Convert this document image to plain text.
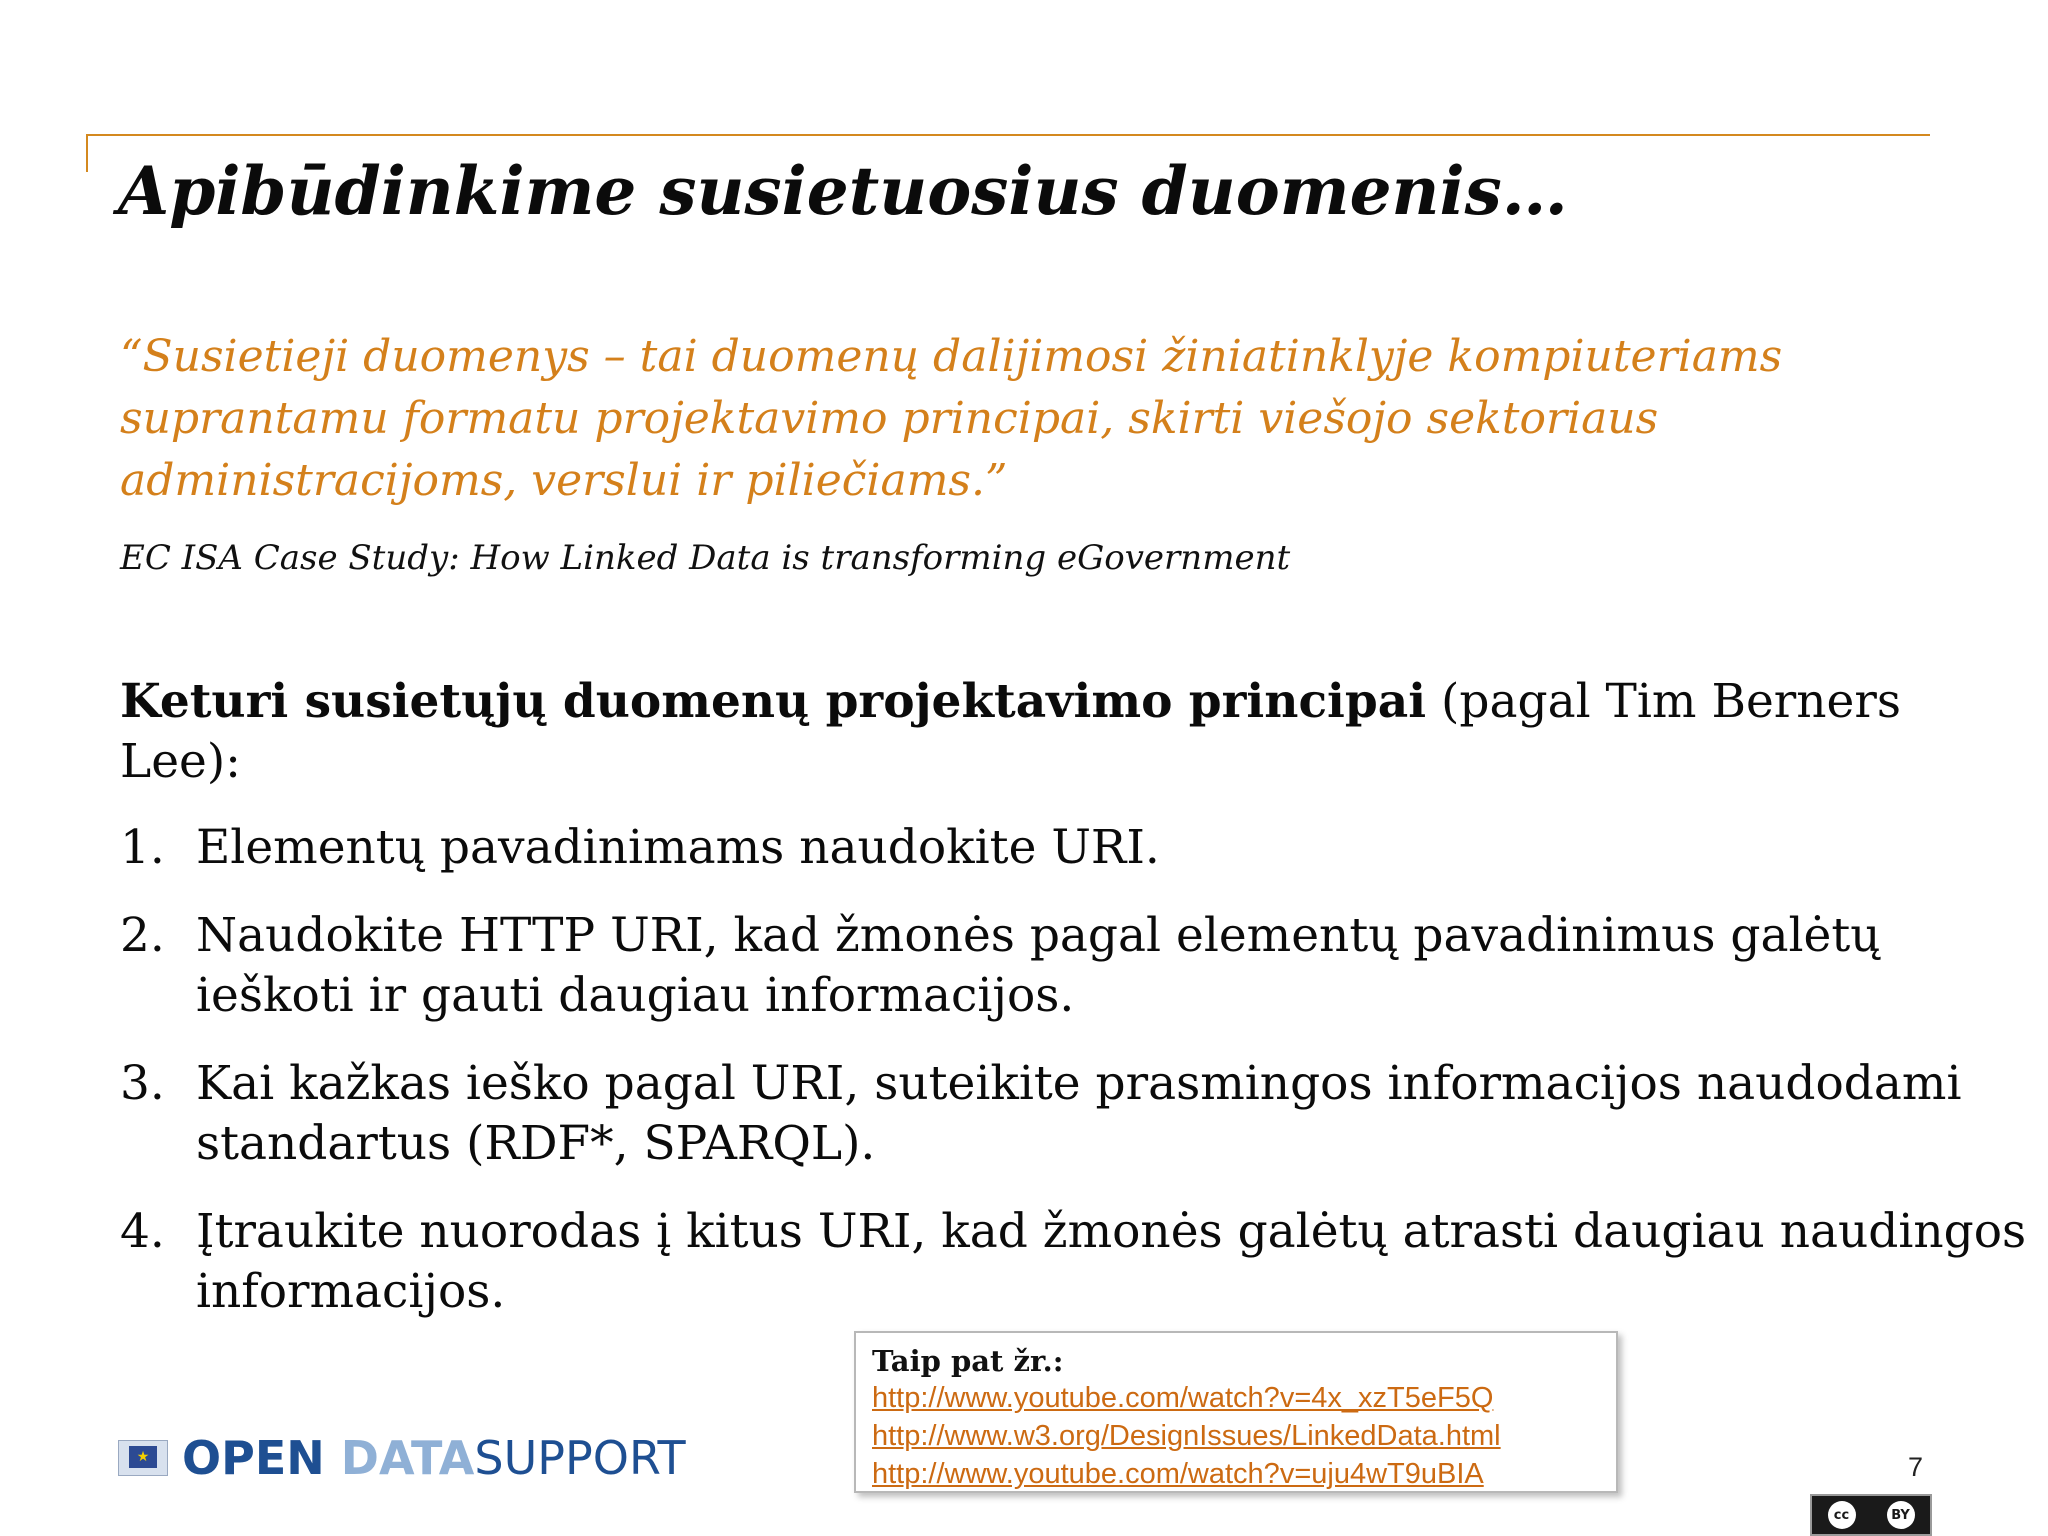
Apibūdinkime susietuosius duomenis…
“Susietieji duomenys – tai duomenų dalijimosi žiniatinklyje kompiuteriams
suprantamu formatu projektavimo principai, skirti viešojo sektoriaus
administracijoms, verslui ir piliečiams.”
EC ISA Case Study: How Linked Data is transforming eGovernment
Keturi susietųjų duomenų projektavimo principai (pagal Tim Berners
Lee):
1. Elementų pavadinimams naudokite URI.
2. Naudokite HTTP URI, kad žmonės pagal elementų pavadinimus galėtų
ieškoti ir gauti daugiau informacijos.
3. Kai kažkas ieško pagal URI, suteikite prasmingos informacijos naudodami
standartus (RDF*, SPARQL).
4. Įtraukite nuorodas į kitus URI, kad žmonės galėtų atrasti daugiau naudingos
informacijos.
Taip pat žr.:
http://www.youtube.com/watch?v=4x_xzT5eF5Q
http://www.w3.org/DesignIssues/LinkedData.html
http://www.youtube.com/watch?v=uju4wT9uBIA
★ OPEN DATASUPPORT	7
cc	BY
